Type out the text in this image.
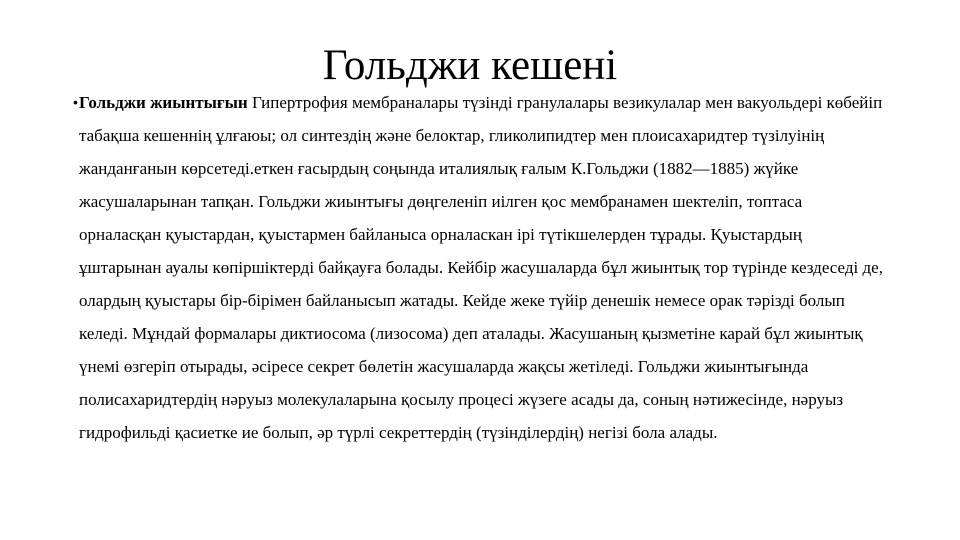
Гольджи кешені
• Гольджи жиынтығын Гипертрофия мембраналары түзінді гранулалары везикулалар мен вакуольдері көбейіп табақша кешеннің ұлғаюы; ол синтездің және белоктар, гликолипидтер мен плоисахаридтер түзілуінің жанданғанын көрсетеді.еткен ғасырдың соңында италиялық ғалым К.Гольджи (1882—1885) жүйке жасушаларынан тапқан. Гольджи жиынтығы дөңгеленіп иілген қос мембранамен шектеліп, топтаса орналасқан қуыстардан, қуыстармен байланыса орналаскан ірі түтікшелерден тұрады. Қуыстардың ұштарынан ауалы көпіршіктерді байқауға болады. Кейбір жасушаларда бұл жиынтық тор түрінде кездеседі де, олардың қуыстары бір-бірімен байланысып жатады. Кейде жеке түйір денешік немесе орак тәрізді болып келеді. Мұндай формалары диктиосома (лизосома) деп аталады. Жасушаның қызметіне карай бұл жиынтық үнемі өзгеріп отырады, әсіресе секрет бөлетін жасушаларда жақсы жетіледі. Гольджи жиынтығында полисахаридтердің нәруыз молекулаларына қосылу процесі жүзеге асады да, соның нәтижесінде, нәруыз гидрофильді қасиетке ие болып, әр түрлі секреттердің (түзінділердің) негізі бола алады.
